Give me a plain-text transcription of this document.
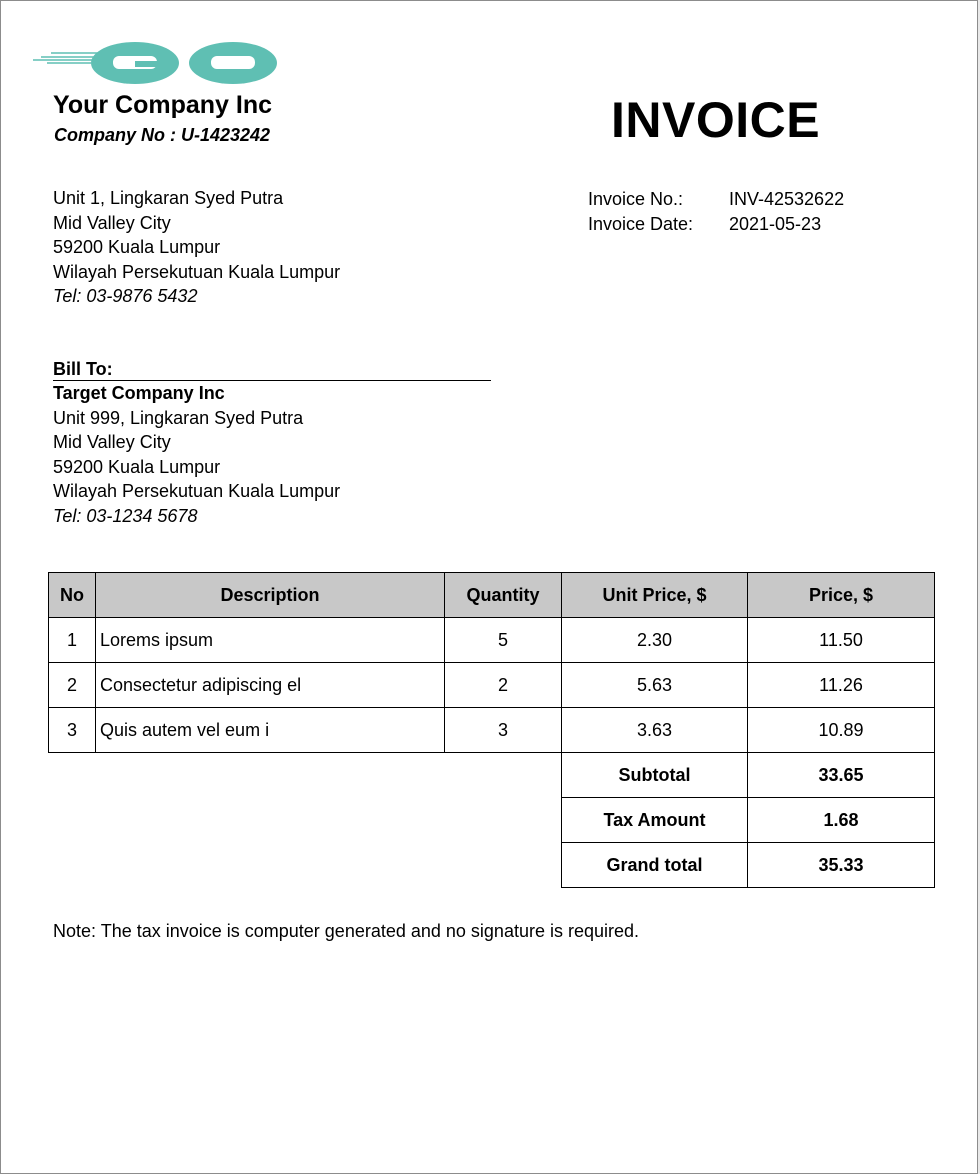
Your Company Inc
Company No : U-1423242	INVOICE
Unit 1, Lingkaran Syed Putra
Mid Valley City
59200 Kuala Lumpur
Wilayah Persekutuan Kuala Lumpur
Tel: 03-9876 5432
Invoice No.:	INV-42532622
Invoice Date:	2021-05-23
Bill To:
Target Company Inc
Unit 999, Lingkaran Syed Putra
Mid Valley City
59200 Kuala Lumpur
Wilayah Persekutuan Kuala Lumpur
Tel: 03-1234 5678
No	Description	Quantity	Unit Price, $	Price, $
1	Lorems ipsum	5	2.30	11.50
2	Consectetur adipiscing el	2	5.63	11.26
3	Quis autem vel eum i	3	3.63	10.89
			Subtotal	33.65
			Tax Amount	1.68
			Grand total	35.33
Note: The tax invoice is computer generated and no signature is required.
